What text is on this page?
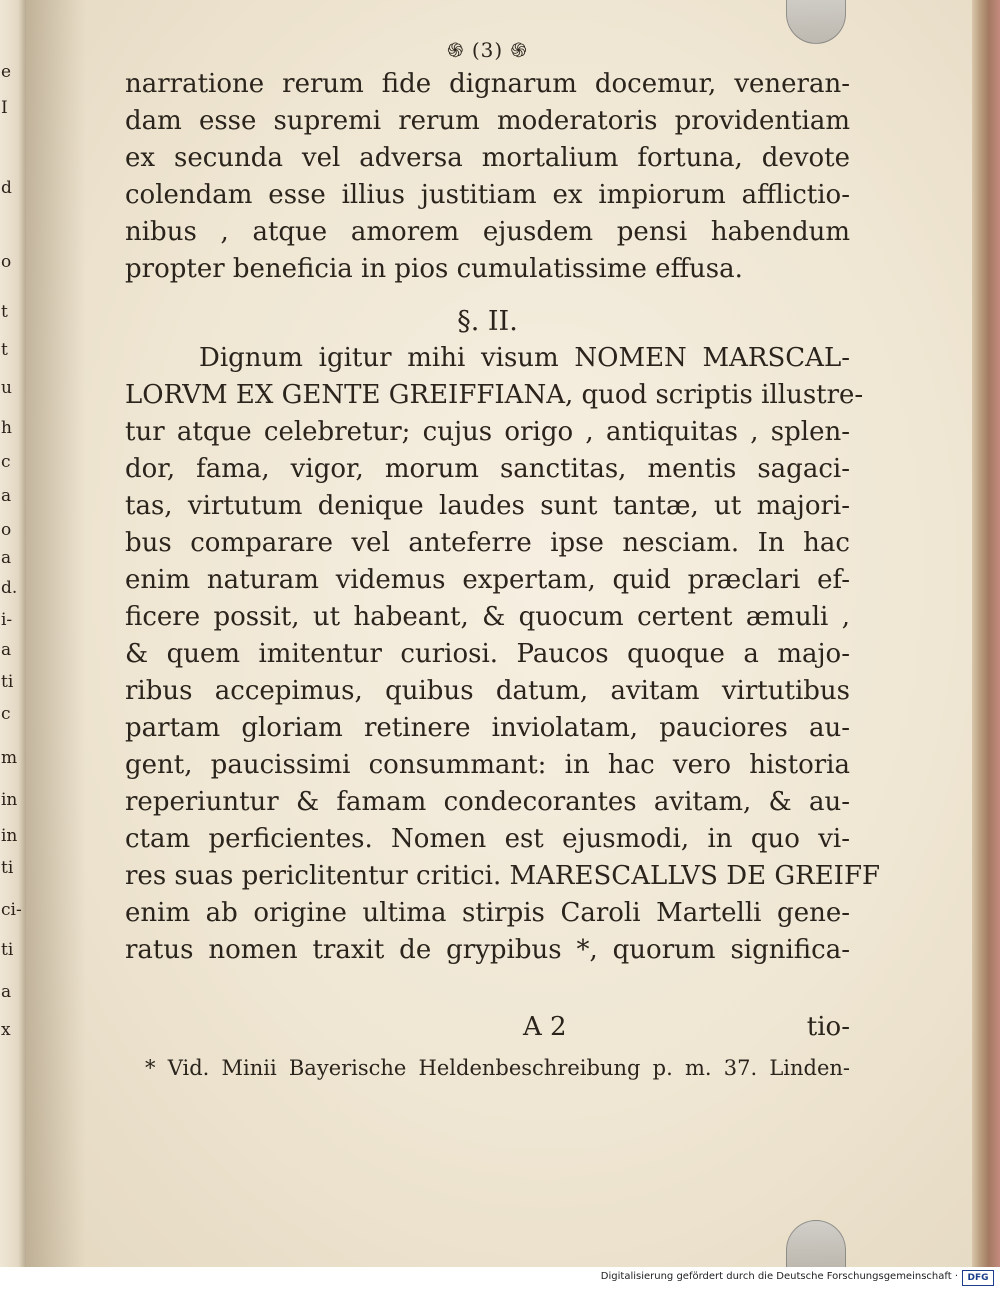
e
I
d
o
t
t
u
h
c
a
o
a
d.
i-
a
ti
c
m
in
in
ti
ci-
ti
a
x
֍ (3) ֍
narratione rerum fide dignarum docemur, veneran-
dam esse supremi rerum moderatoris providentiam
ex secunda vel adversa mortalium fortuna, devote
colendam esse illius justitiam ex impiorum afflictio-
nibus , atque amorem ejusdem pensi habendum
propter beneficia in pios cumulatissime effusa.
§. II.
Dignum igitur mihi visum NOMEN MARSCAL-
LORVM EX GENTE GREIFFIANA, quod scriptis illustre-
tur atque celebretur; cujus origo , antiquitas , splen-
dor, fama, vigor, morum sanctitas, mentis sagaci-
tas, virtutum denique laudes sunt tantæ, ut majori-
bus comparare vel anteferre ipse nesciam. In hac
enim naturam videmus expertam, quid præclari ef-
ficere possit, ut habeant, & quocum certent æmuli ,
& quem imitentur curiosi. Paucos quoque a majo-
ribus accepimus, quibus datum, avitam virtutibus
partam gloriam retinere inviolatam, pauciores au-
gent, paucissimi consummant: in hac vero historia
reperiuntur & famam condecorantes avitam, & au-
ctam perficientes. Nomen est ejusmodi, in quo vi-
res suas periclitentur critici. MARESCALLVS DE GREIFF
enim ab origine ultima stirpis Caroli Martelli gene-
ratus nomen traxit de grypibus *, quorum significa-
A 2	tio-
* Vid. Minii Bayerische Heldenbeschreibung p. m. 37. Linden-
Digitalisierung gefördert durch die Deutsche Forschungsgemeinschaft ·	DFG
